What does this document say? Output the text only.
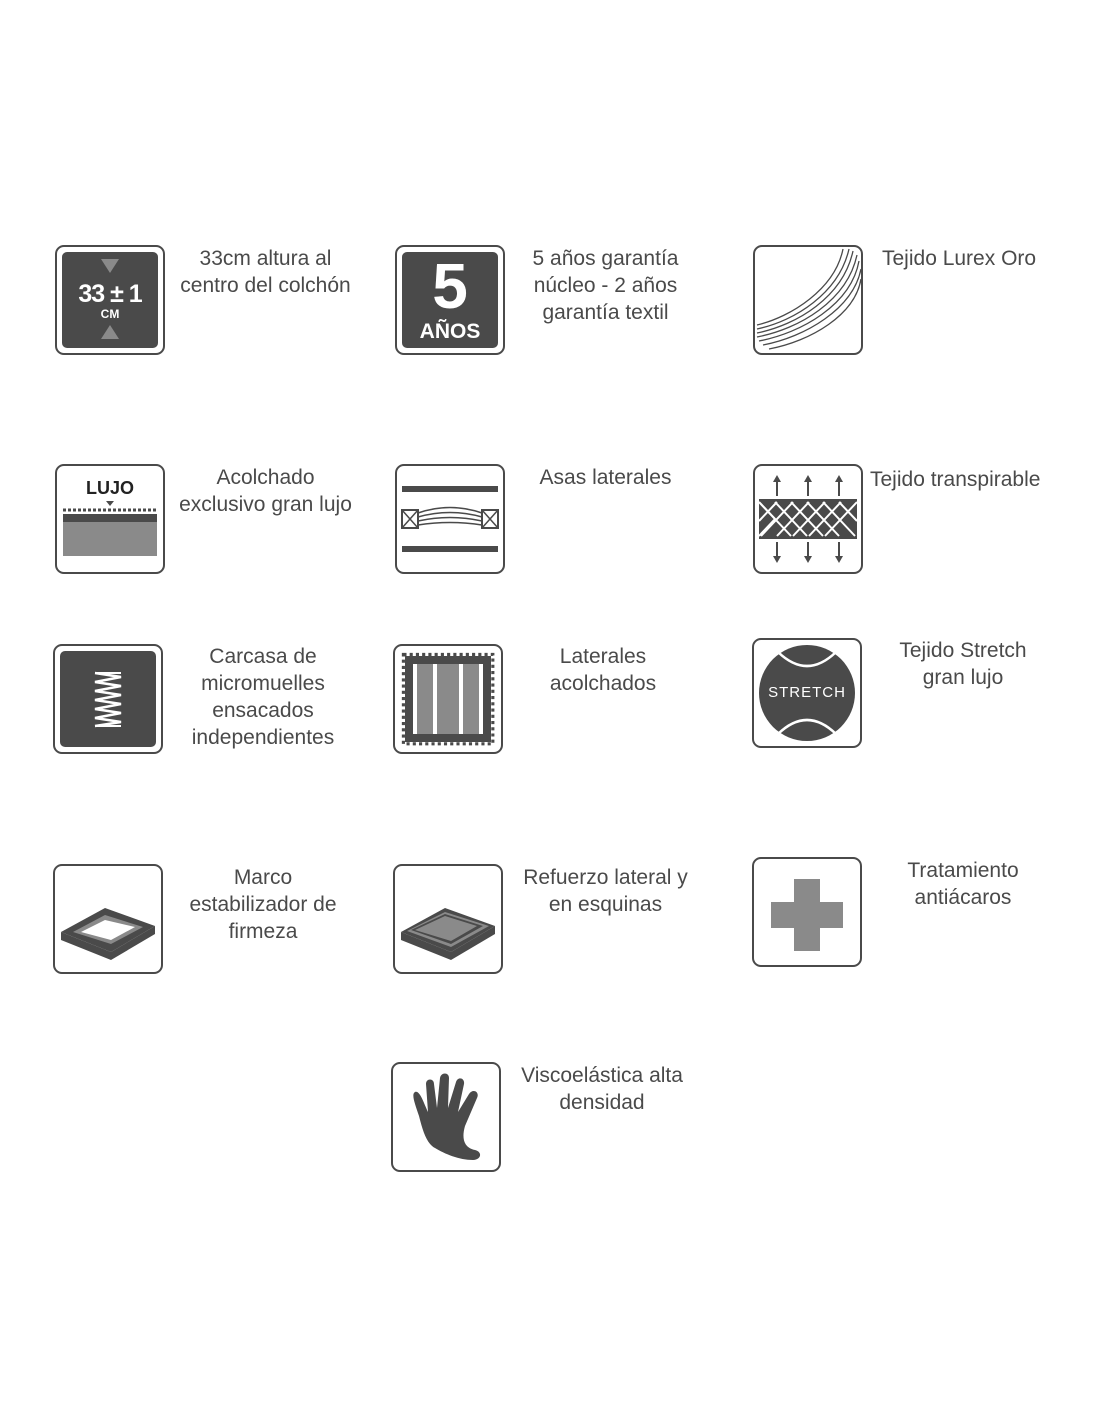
33 ± 1
CM
33cm altura al
centro del colchón	5
AÑOS
5 años garantía
núcleo - 2 años
garantía textil
Tejido Lurex Oro
LUJO	Acolchado
exclusivo gran lujo
Asas laterales	Tejido transpirable
Carcasa de
micromuelles
ensacados
independientes
Laterales
acolchados	STRETCH
Tejido Stretch
gran lujo
Marco
estabilizador de
firmeza
Refuerzo lateral y
en esquinas
Tratamiento
antiácaros
Viscoelástica alta
densidad
